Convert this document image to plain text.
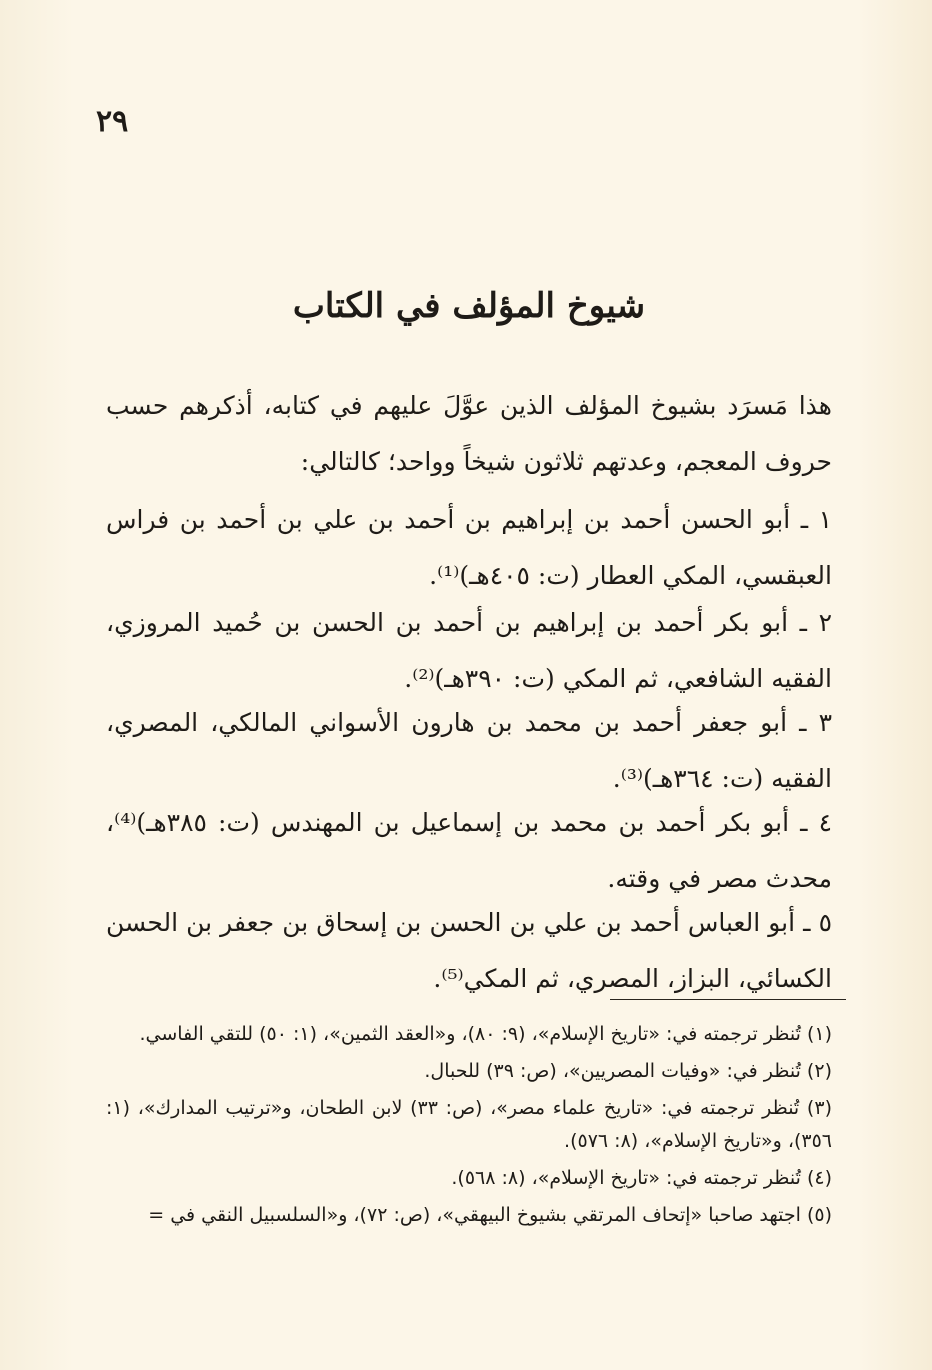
٢٩
شيوخ المؤلف في الكتاب
هذا مَسرَد بشيوخ المؤلف الذين عوَّلَ عليهم في كتابه، أذكرهم حسب حروف المعجم، وعدتهم ثلاثون شيخاً وواحد؛ كالتالي:
١ ـ أبو الحسن أحمد بن إبراهيم بن أحمد بن علي بن أحمد بن فراس العبقسي، المكي العطار (ت: ٤٠٥هـ)⁽¹⁾.
٢ ـ أبو بكر أحمد بن إبراهيم بن أحمد بن الحسن بن حُميد المروزي، الفقيه الشافعي، ثم المكي (ت: ٣٩٠هـ)⁽²⁾.
٣ ـ أبو جعفر أحمد بن محمد بن هارون الأسواني المالكي، المصري، الفقيه (ت: ٣٦٤هـ)⁽³⁾.
٤ ـ أبو بكر أحمد بن محمد بن إسماعيل بن المهندس (ت: ٣٨٥هـ)⁽⁴⁾، محدث مصر في وقته.
٥ ـ أبو العباس أحمد بن علي بن الحسن بن إسحاق بن جعفر بن الحسن الكسائي، البزاز، المصري، ثم المكي⁽⁵⁾.

(١) تُنظر ترجمته في: «تاريخ الإسلام»، (٩: ٨٠)، و«العقد الثمين»، (١: ٥٠) للتقي الفاسي.

(٢) تُنظر في: «وفيات المصريين»، (ص: ٣٩) للحبال.

(٣) تُنظر ترجمته في: «تاريخ علماء مصر»، (ص: ٣٣) لابن الطحان، و«ترتيب المدارك»، (١: ٣٥٦)، و«تاريخ الإسلام»، (٨: ٥٧٦).

(٤) تُنظر ترجمته في: «تاريخ الإسلام»، (٨: ٥٦٨).

(٥) اجتهد صاحبا «إتحاف المرتقي بشيوخ البيهقي»، (ص: ٧٢)، و«السلسبيل النقي في =
